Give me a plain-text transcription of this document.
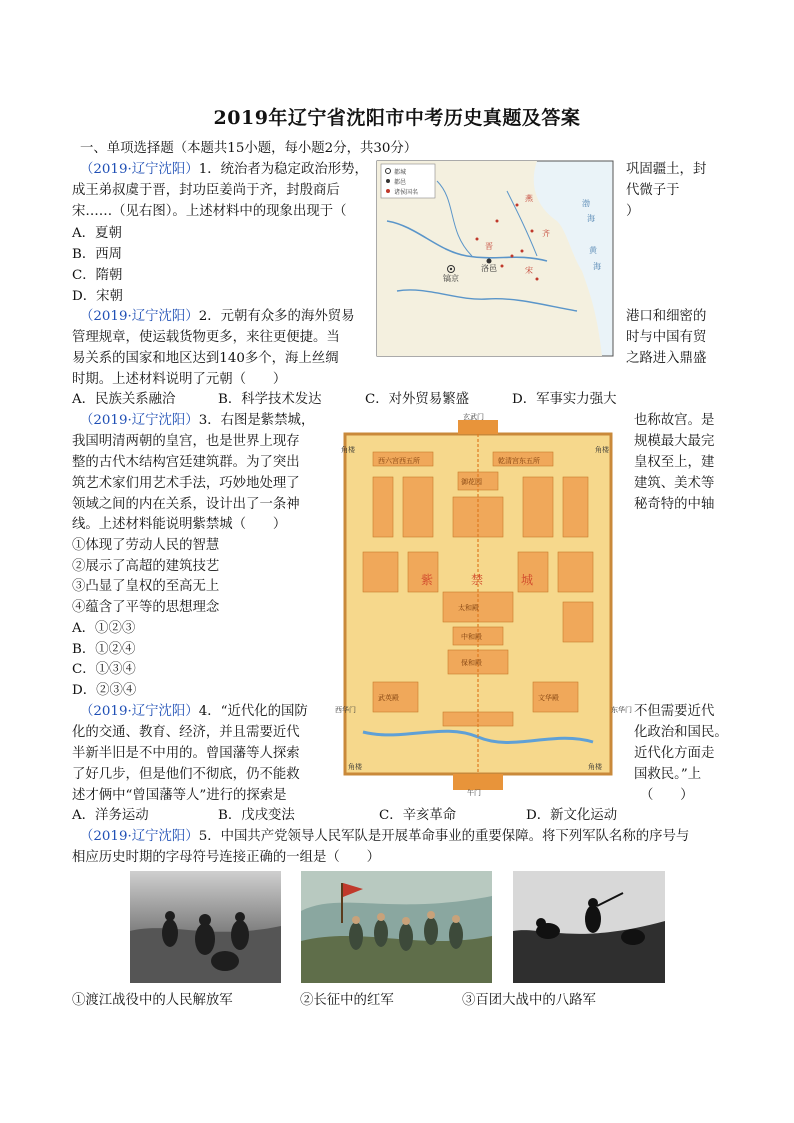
2019年辽宁省沈阳市中考历史真题及答案
一、单项选择题（本题共15小题，每小题2分，共30分）
（2019·辽宁沈阳）1．统治者为稳定政治形势，	巩固疆土，封
成王弟叔虞于晋，封功臣姜尚于齐，封殷商后	代微子于
宋……（见右图）。上述材料中的现象出现于（	）
A．夏朝
B．西周
C．隋朝
D．宋朝
都城
都邑
诸侯国名
镐京
洛邑
燕
齐
晋
宋
渤
海
黄
海
（2019·辽宁沈阳）2．元朝有众多的海外贸易	港口和细密的
管理规章，使运载货物更多，来往更便捷。当	时与中国有贸
易关系的国家和地区达到140多个，海上丝绸	之路进入鼎盛
时期。上述材料说明了元朝（　　）
A．民族关系融洽	B．科学技术发达	C．对外贸易繁盛	D．军事实力强大
（2019·辽宁沈阳）3．右图是紫禁城，	也称故宫。是
我国明清两朝的皇宫，也是世界上现存	规模最大最完
整的古代木结构宫廷建筑群。为了突出	皇权至上，建
筑艺术家们用艺术手法，巧妙地处理了	建筑、美术等
领域之间的内在关系，设计出了一条神	秘奇特的中轴
线。上述材料能说明紫禁城（　　）
①体现了劳动人民的智慧
②展示了高超的建筑技艺
③凸显了皇权的至高无上
④蕴含了平等的思想理念
A．①②③
B．①②④
C．①③④
D．②③④
玄武门
角楼	角楼
角楼	角楼
午门
西华门	东华门
西六宫西五所	乾清宫东五所
御花园
紫	禁	城
太和殿
中和殿
保和殿
武英殿	文华殿
（2019·辽宁沈阳）4．“近代化的国防	不但需要近代
化的交通、教育、经济，并且需要近代	化政治和国民。
半新半旧是不中用的。曾国藩等人探索	近代化方面走
了好几步，但是他们不彻底，仍不能救	国救民。”上
述才俩中“曾国藩等人”进行的探索是	（　　）
A．洋务运动	B．戊戌变法	C．辛亥革命	D．新文化运动
（2019·辽宁沈阳）5．中国共产党领导人民军队是开展革命事业的重要保障。将下列军队名称的序号与
相应历史时期的字母符号连接正确的一组是（　　）
①渡江战役中的人民解放军	②长征中的红军	③百团大战中的八路军
